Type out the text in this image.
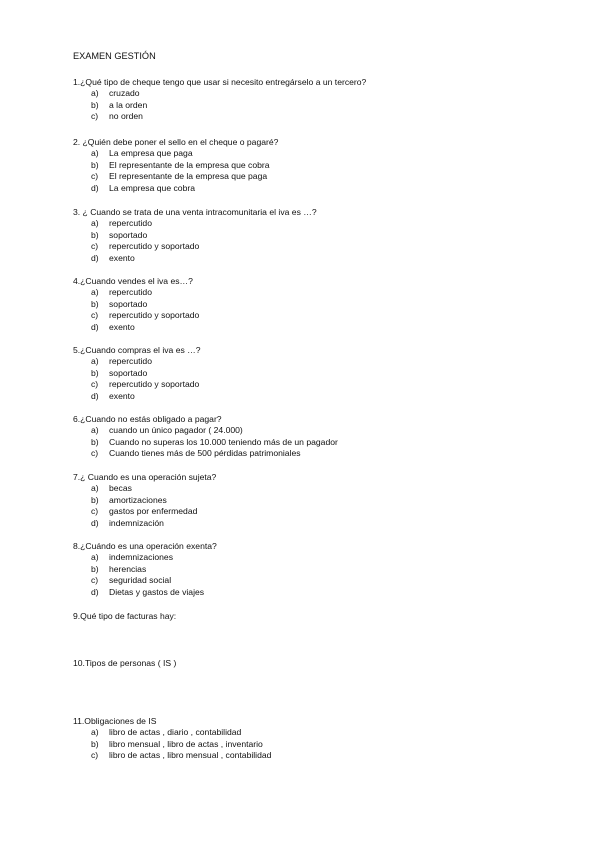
EXAMEN GESTIÓN
1.¿Qué tipo de cheque tengo que usar si necesito entregárselo a un tercero?
a) cruzado
b) a la orden
c) no orden
2. ¿Quién debe poner el sello en el cheque o pagaré?
a) La empresa que paga
b) El representante de la empresa que cobra
c) El representante de la empresa que paga
d) La empresa que cobra
3. ¿ Cuando se trata de una venta intracomunitaria el iva es …?
a) repercutido
b) soportado
c) repercutido y soportado
d) exento
4.¿Cuando vendes el iva es…?
a) repercutido
b) soportado
c) repercutido y soportado
d) exento
5.¿Cuando compras el iva es …?
a) repercutido
b) soportado
c) repercutido y soportado
d) exento
6.¿Cuando no estás obligado a pagar?
a) cuando un único pagador ( 24.000)
b) Cuando no superas los 10.000 teniendo más de un pagador
c) Cuando tienes más de 500 pérdidas patrimoniales
7.¿ Cuando es una operación sujeta?
a) becas
b) amortizaciones
c) gastos por enfermedad
d) indemnización
8.¿Cuándo es una operación exenta?
a) indemnizaciones
b) herencias
c) seguridad social
d) Dietas y gastos de viajes
9.Qué tipo de facturas hay:
10.Tipos de personas ( IS )
11.Obligaciones de IS
a) libro de actas , diario , contabilidad
b) libro mensual , libro de actas , inventario
c) libro de actas , libro mensual , contabilidad
